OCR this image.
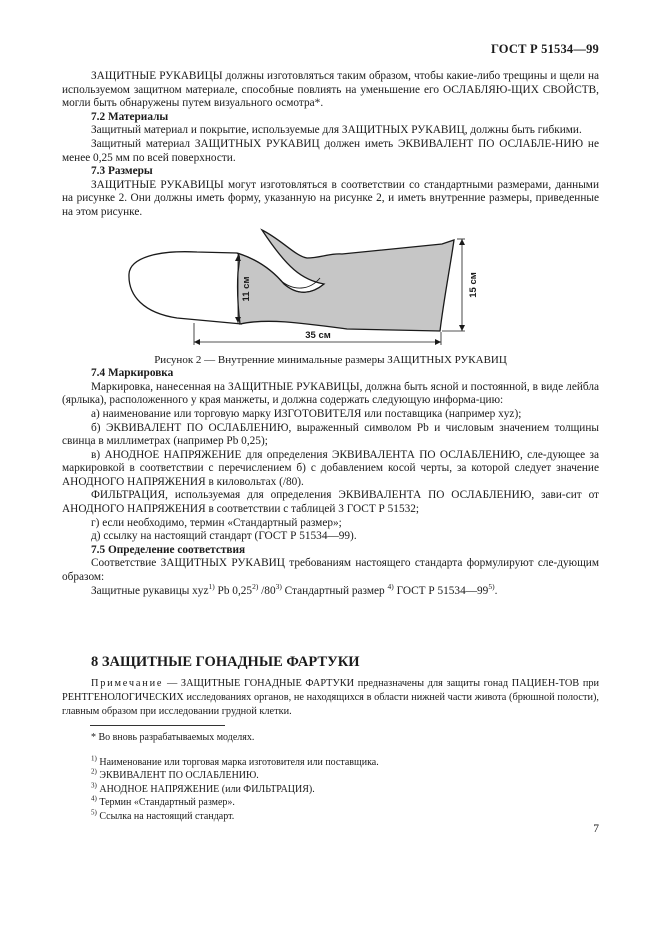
ГОСТ Р 51534—99

ЗАЩИТНЫЕ РУКАВИЦЫ должны изготовляться таким образом, чтобы какие-либо трещины и щели на используемом защитном материале, способные повлиять на уменьшение его ОСЛАБЛЯЮ-ЩИХ СВОЙСТВ, могли быть обнаружены путем визуального осмотра*.

7.2 Материалы

Защитный материал и покрытие, используемые для ЗАЩИТНЫХ РУКАВИЦ, должны быть гибкими.

Защитный материал ЗАЩИТНЫХ РУКАВИЦ должен иметь ЭКВИВАЛЕНТ ПО ОСЛАБЛЕ-НИЮ не менее 0,25 мм по всей поверхности.

7.3 Размеры

ЗАЩИТНЫЕ РУКАВИЦЫ могут изготовляться в соответствии со стандартными размерами, данными на рисунке 2. Они должны иметь форму, указанную на рисунке 2, и иметь внутренние размеры, приведенные на этом рисунке.

11 см	15 см
35 см

Рисунок 2 — Внутренние минимальные размеры ЗАЩИТНЫХ РУКАВИЦ

7.4 Маркировка

Маркировка, нанесенная на ЗАЩИТНЫЕ РУКАВИЦЫ, должна быть ясной и постоянной, в виде лейбла (ярлыка), расположенного у края манжеты, и должна содержать следующую информа-цию:

а) наименование или торговую марку ИЗГОТОВИТЕЛЯ или поставщика (например xyz);

б) ЭКВИВАЛЕНТ ПО ОСЛАБЛЕНИЮ, выраженный символом Pb и числовым значением толщины свинца в миллиметрах (например Pb 0,25);

в) АНОДНОЕ НАПРЯЖЕНИЕ для определения ЭКВИВАЛЕНТА ПО ОСЛАБЛЕНИЮ, сле-дующее за маркировкой в соответствии с перечислением б) с добавлением косой черты, за которой следует значение АНОДНОГО НАПРЯЖЕНИЯ в киловольтах (/80).

ФИЛЬТРАЦИЯ, используемая для определения ЭКВИВАЛЕНТА ПО ОСЛАБЛЕНИЮ, зави-сит от АНОДНОГО НАПРЯЖЕНИЯ в соответствии с таблицей 3 ГОСТ Р 51532;

г) если необходимо, термин «Стандартный размер»;

д) ссылку на настоящий стандарт (ГОСТ Р 51534—99).

7.5 Определение соответствия

Соответствие ЗАЩИТНЫХ РУКАВИЦ требованиям настоящего стандарта формулируют сле-дующим образом:

Защитные рукавицы xyz$^{1)}$ Pb 0,25$^{2)}$ /80$^{3)}$ Стандартный размер $^{4)}$ ГОСТ Р 51534—99$^{5)}$.

8 ЗАЩИТНЫЕ ГОНАДНЫЕ ФАРТУКИ

Примечание — ЗАЩИТНЫЕ ГОНАДНЫЕ ФАРТУКИ предназначены для защиты гонад ПАЦИЕН-ТОВ при РЕНТГЕНОЛОГИЧЕСКИХ исследованиях органов, не находящихся в области нижней части живота (брюшной полости), главным образом при исследовании грудной клетки.

* Во вновь разрабатываемых моделях.

$^{1)}$ Наименование или торговая марка изготовителя или поставщика.

$^{2)}$ ЭКВИВАЛЕНТ ПО ОСЛАБЛЕНИЮ.

$^{3)}$ АНОДНОЕ НАПРЯЖЕНИЕ (или ФИЛЬТРАЦИЯ).

$^{4)}$ Термин «Стандартный размер».

$^{5)}$ Ссылка на настоящий стандарт.

7
